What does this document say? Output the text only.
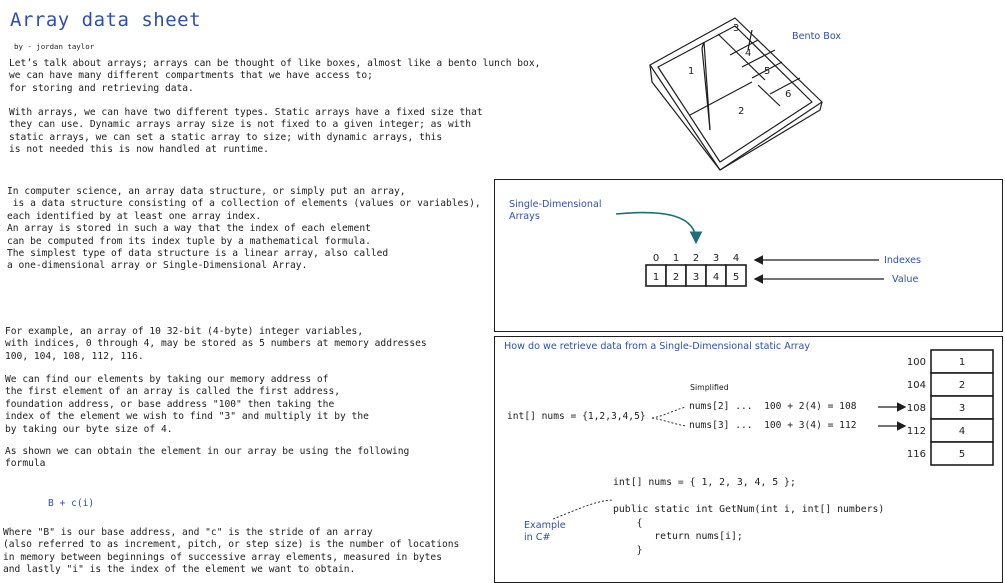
Array data sheet
by - jordan taylor
Let’s talk about arrays; arrays can be thought of like boxes, almost like a bento lunch box,
we can have many different compartments that we have access to;
for storing and retrieving data.
With arrays, we can have two different types. Static arrays have a fixed size that
they can use. Dynamic arrays array size is not fixed to a given integer; as with
static arrays, we can set a static array to size; with dynamic arrays, this
is not needed this is now handled at runtime.
In computer science, an array data structure, or simply put an array,
is a data structure consisting of a collection of elements (values or variables),
each identified by at least one array index.
An array is stored in such a way that the index of each element
can be computed from its index tuple by a mathematical formula.
The simplest type of data structure is a linear array, also called
a one-dimensional array or Single-Dimensional Array.
For example, an array of 10 32-bit (4-byte) integer variables,
with indices, 0 through 4, may be stored as 5 numbers at memory addresses
100, 104, 108, 112, 116.
We can find our elements by taking our memory address of
the first element of an array is called the first address,
foundation address, or base address "100" then taking the
index of the element we wish to find "3" and multiply it by the
by taking our byte size of 4.
As shown we can obtain the element in our array be using the following
formula
B + c(i)
Where "B" is our base address, and "c" is the stride of an array
(also referred to as increment, pitch, or step size) is the number of locations
in memory between beginnings of successive array elements, measured in bytes
and lastly "i" is the index of the element we want to obtain.
1
2
3
4
5
6
Bento Box
Single-Dimensional
Arrays
0 1 2 3 4
1 2 3 4 5
Indexes
Value
How do we retrieve data from a Single-Dimensional static Array
Simplified
int[] nums = {1,2,3,4,5}
nums[2] ...  100 + 2(4) = 108
nums[3] ...  100 + 3(4) = 112
1
100
2
104
3
108
4
112
5
116
int[] nums = { 1, 2, 3, 4, 5 };

public static int GetNum(int i, int[] numbers)
{
return nums[i];
}
Example
in C#
